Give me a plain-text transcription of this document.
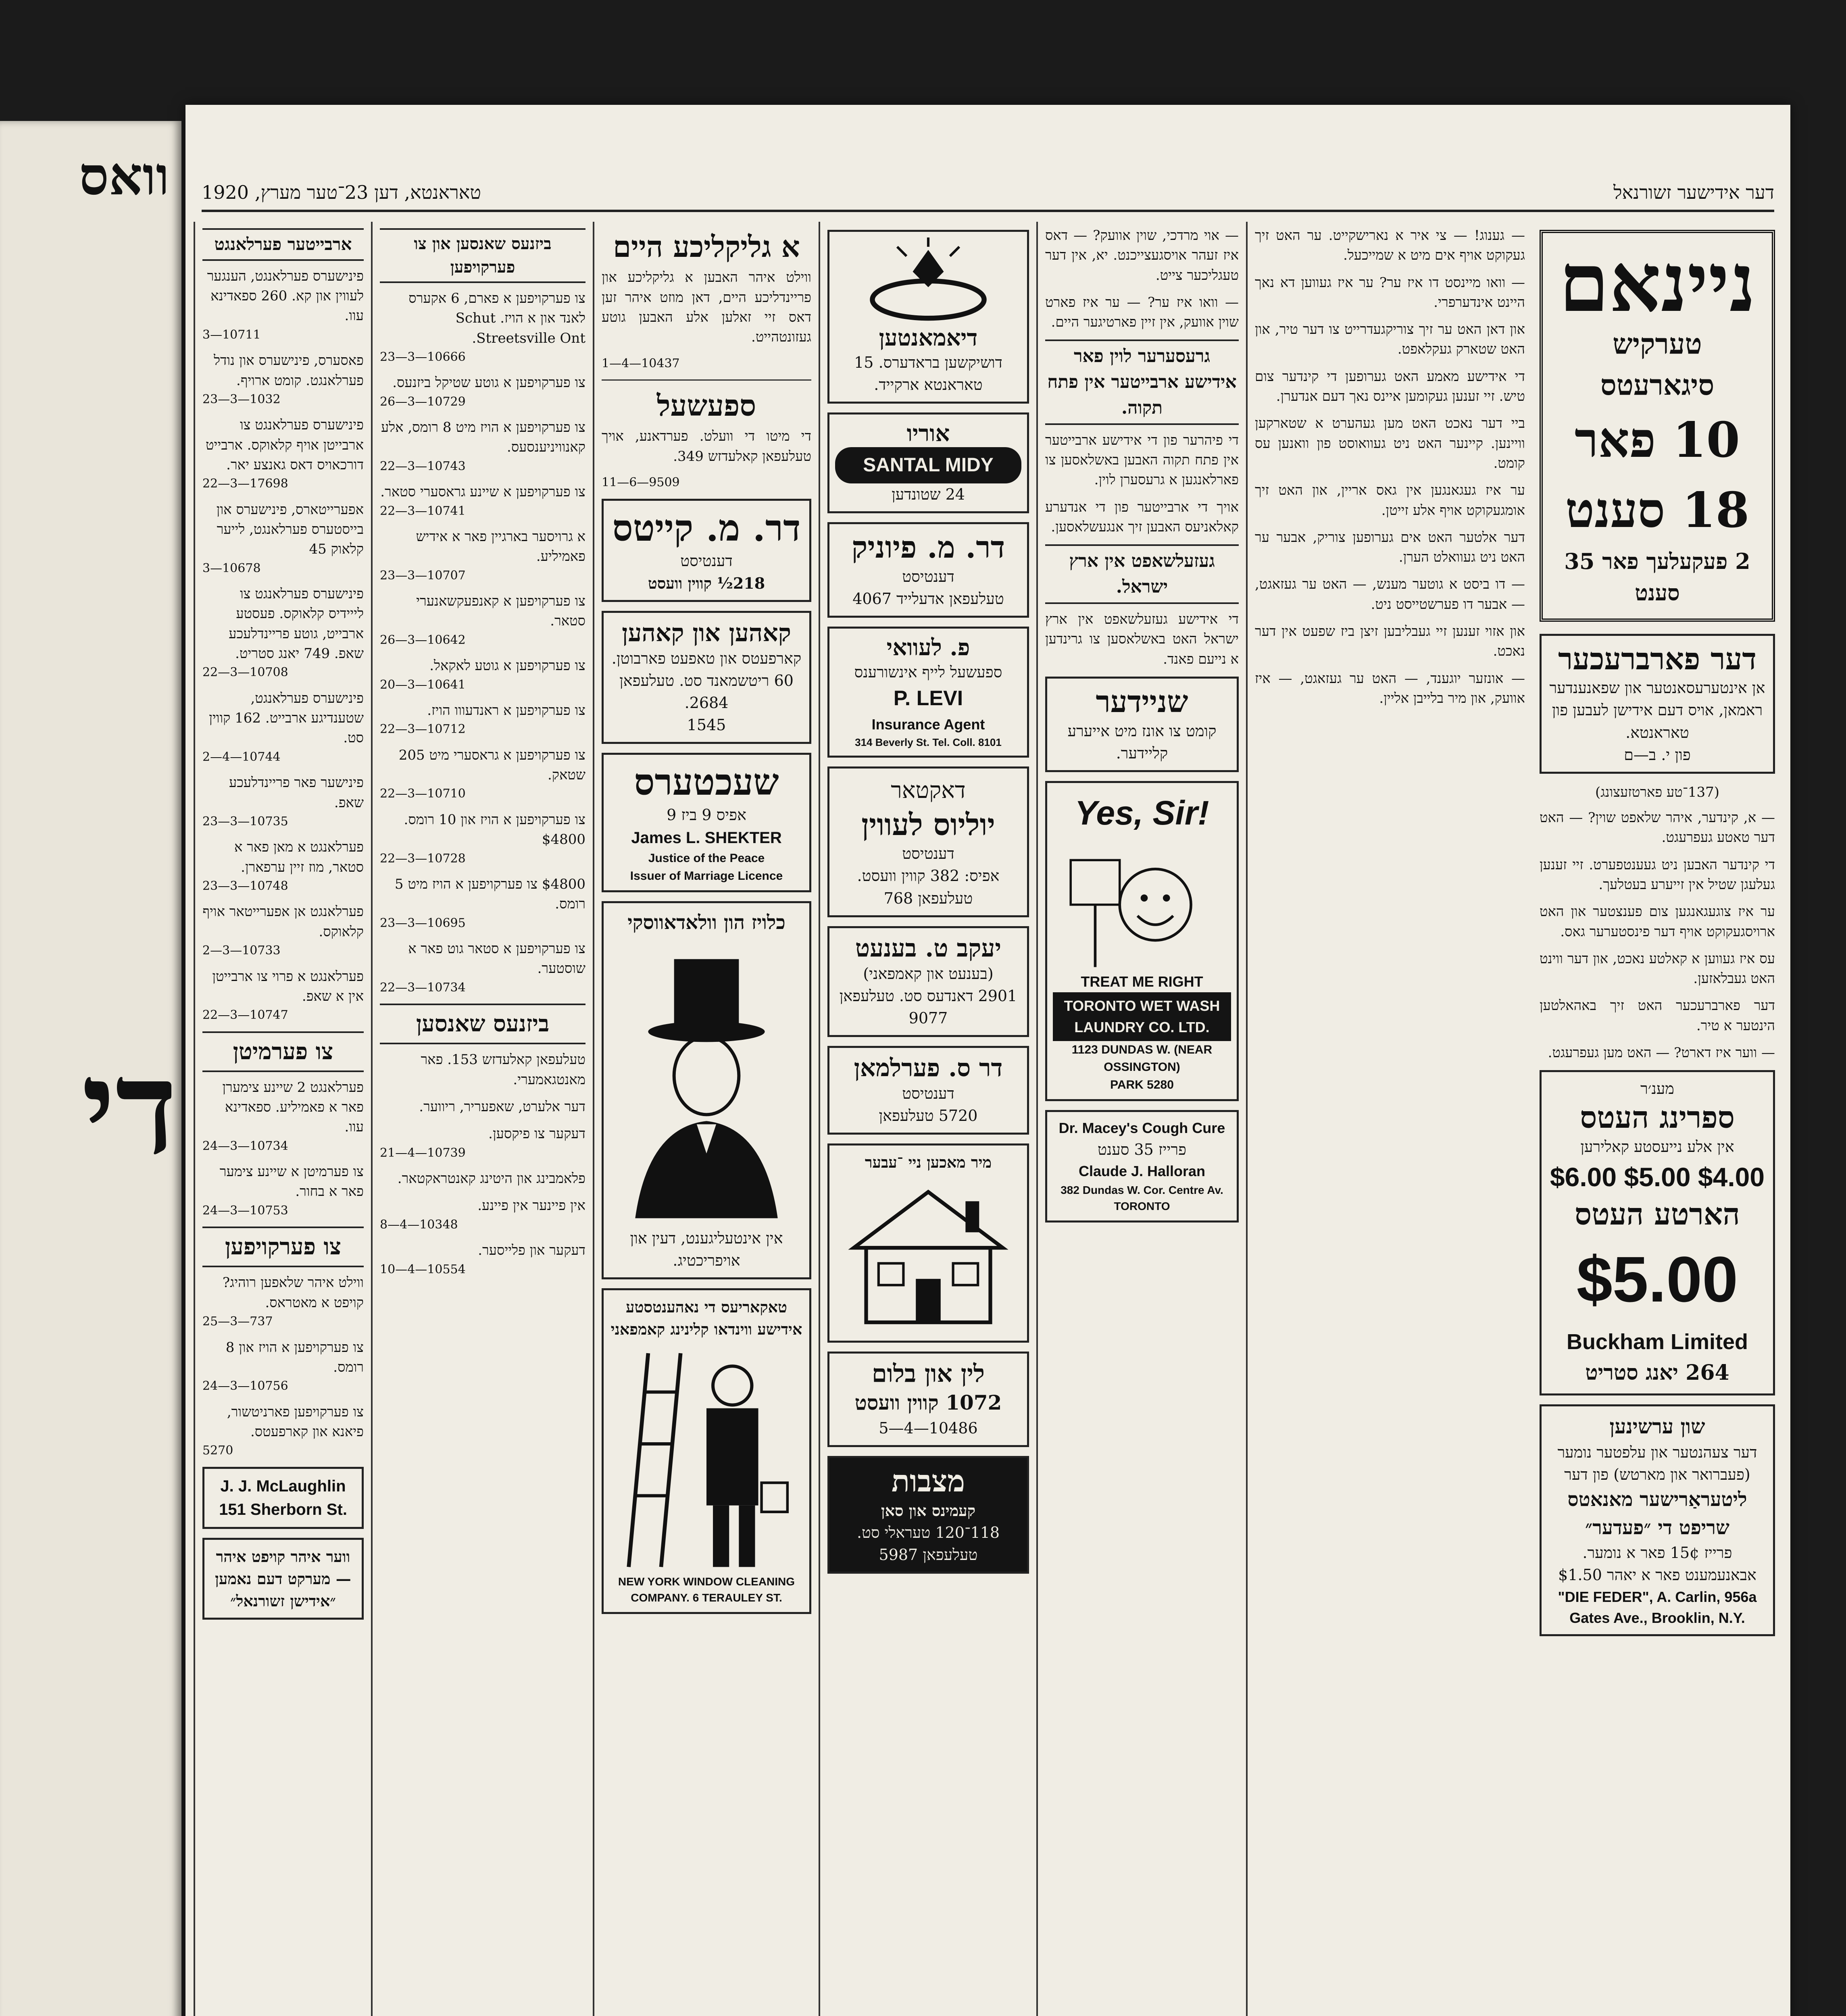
וואס
די
דער אידישער זשורנאל
טאראנטא, דען 23־טער מערץ, 1920
ניינאם
טערקיש סיגארעטס
10 פאר 18 סענט
2 פעקעלעך פאר 35 סענט
דער פארברעכער
אן אינטערעסאנטער און שפאנענדער ראמאן, אויס דעם אידישן לעבען פון טאראנטא.
פון י. ב—ם
(137־טע פארטזעצונג)

— א, קינדער, איהר שלאפט שוין? — האט דער טאטע געפרעגט.

די קינדער האבען ניט געענטפערט. זיי זענען געלעגן שטיל אין זייערע בעטלעך.

ער איז צוגעגאנגען צום פענצטער און האט ארויסגעקוקט אויף דער פינסטערער גאס.

עס איז געווען א קאלטע נאכט, און דער ווינט האט געבלאזען.

דער פארברעכער האט זיך באהאלטען הינטער א טיר.

— ווער איז דארט? — האט מען געפרעגט.

מענ׳ר
ספרינג העטס
אין אלע נייעסטע קאלירען
$6.00 $5.00 $4.00
הארטע העטס
$5.00
Buckham Limited
264 יאנג סטריט
שון ערשינען
דער צעהנטער און עלפטער נומער (פעברואר און מארטש) פון דער
ליטעראַרישער מאנאטס שריפט די ״פעדער״
פרייז 15¢ פאר א נומער. אבאנעמענט פאר א יאהר $1.50
"DIE FEDER", A. Carlin, 956a Gates Ave., Brooklin, N.Y.

— גענוג! — צי איר א נארישקייט. ער האט זיך געקוקט אויף אים מיט א שמייכעל.

— וואו מיינסט דו איז ער? ער איז געווען דא נאך היינט אינדערפרי.

און דאן האט ער זיך צוריקגעדרייט צו דער טיר, און האט שטארק געקלאפט.

די אידישע מאמע האט גערופען די קינדער צום טיש. זיי זענען געקומען איינס נאך דעם אנדערן.

ביי דער נאכט האט מען געהערט א שטארקען וויינען. קיינער האט ניט געוואוסט פון וואנען עס קומט.

ער איז געגאנגען אין גאס אריין, און האט זיך אומגעקוקט אויף אלע זייטן.

דער אלטער האט אים גערופען צוריק, אבער ער האט ניט געוואלט הערן.

— דו ביסט א גוטער מענש, — האט ער געזאגט, — אבער דו פערשטייסט ניט.

און אזוי זענען זיי געבליבען זיצן ביז שפעט אין דער נאכט.

— אונזער יוגענד, — האט ער געזאגט, — איז אוועק, און מיר בלייבן אליין.

— אוי מרדכי, שוין אוועק? — דאס איז זעהר אויסגעצייכנט. יא, אין דער טעגליכער צייט.

— וואו איז ער? — ער איז פארט שוין אוועק, אין זיין פארטיגער היים.

גרעסערער לוין פאר אידישע ארבייטער אין פתח תקוה.

די פיהרער פון די אידישע ארבייטער אין פתח תקוה האבען באשלאסען צו פארלאנגען א גרעסערן לוין.

אויך די ארבייטער פון די אנדערע קאלאניעס האבען זיך אנגעשלאסען.

געזעלשאפט אין ארץ ישראל.

די אידישע געזעלשאפט אין ארץ ישראל האט באשלאסען צו גרינדען א נייעם פאנד.

שניידער
קומט צו אונז מיט אייערע קליידער.
Yes, Sir!
TREAT ME RIGHT
TORONTO WET WASH LAUNDRY CO. LTD.
1123 DUNDAS W. (NEAR OSSINGTON)
PARK 5280
Dr. Macey's Cough Cure
פרייז 35 סענט
Claude J. Halloran
382 Dundas W. Cor. Centre Av. TORONTO
דיאמאנטען
דושיקשען בראדערס. 15 טאראנטא ארקייד.
אוריו
SANTAL MIDY
24 שטונדען
דר. מ. פיוניק
דענטיסט
טעלעפאן אדעלייד 4067
פ. לעוואי
ספעשעל לייף אינשורענס
P. LEVI
Insurance Agent
314 Beverly St. Tel. Coll. 8101
דאקטאר
יוליוס לעווין
דענטיסט
אפיס: 382 קווין וועסט. טעלעפאן 768
יעקב ט. בענעט
(בענעט און קאמפאני)
2901 דאנדעס סט. טעלעפאן 9077
דר ס. פערלמאן
דענטיסט
5720 טעלעפאן
מיר מאכען ניי ־עבער
לין און בלום
1072 קווין וועסט
10486—4—5
מצבות
קעמינס און סאן
118־120 טעראלי סט.
טעלעפאן 5987
א גליקליכע היים

ווילט איהר האבען א גליקליכע און פריינדליכע היים, דאן מוזט איהר זען דאס זיי זאלען אלע האבען גוטע געזונטהייט.

10437—4—1
ספעשעל

די מיטו די וועלט. פערדאנע, אויך טעלעפאן קאלעדזש 349.

9509—6—11
דר. מ. קייטס
דענטיסט
218½ קווין וועסט
קאהען און קאהען
קארפעטס און טאפעט פארבוטן. 60 ריטשמאנד סט. טעלעפאן 2684.
1545
שעכטערס
אפיס 9 ביז 9
James L. SHEKTER
Justice of the Peace
Issuer of Marriage Licence
כלויז הון וולאדאווסקי
אין אינטעליגענט, דעין און אויפריכטיג.
טאקאריעס די נאהענטסטע אידישע ווינדאו קלינינג קאמפאני
NEW YORK WINDOW CLEANING COMPANY. 6 TERAULEY ST.
ביזנעס שאנסען און צו פערקויפען
צו פערקויפען א פארם, 6 אקערס לאנד און א הויז. Schut Streetsville Ont.
10666—3—23
צו פערקויפען א גוטע שטיקל ביזנעס.
10729—3—26
צו פערקויפען א הויז מיט 8 רומס, אלע קאנוויניענסעס.
10743—3—22
צו פערקויפען א שיינע גראסערי סטאר.
10741—3—22
א גרויסער בארגיין פאר א אידיש פאמיליע.
10707—3—23
צו פערקויפען א קאנפעקשאנערי סטאר.
10642—3—26
צו פערקויפען א גוטע לאקאל.
10641—3—20
צו פערקויפען א ראנדעווו הויז.
10712—3—22
צו פערקויפען א גראסערי מיט 205 שטאק.
10710—3—22
צו פערקויפען א הויז און 10 רומס. $4800
10728—3—22
$4800 צו פערקויפען א הויז מיט 5 רומס.
10695—3—23
צו פערקויפען א סטאר גוט פאר א שוסטער.
10734—3—22
ביזנעס שאנסען
טעלעפאן קאלעדזש 153. פאר מאנטגאמערי.
דער אלערט, שאפעריר, ריווער.
דעקער צו פיקסען.
10739—4—21
פלאמבינג און היטינג קאנטראקטאר.
אין פיינער אין פיינע.
10348—4—8
דעקער און פלייסער.
10554—4—10
ארבייטער פערלאנגט
פינישערס פערלאנגט, הענגער לעווין און קא. 260 ספאדינא עוו.
10711—3
פאסערס, פינישערס און נודל פערלאנגט. קומט ארויף.
1032—3—23
פינישערס פערלאנגט צו ארבייטן אויף קלאוקס. ארבייט דורכאויס דאס גאנצע יאר.
17698—3—22
אפערייטארס, פינישערס און בייסטערס פערלאנגט, לייער קלאוק 45
10678—3
פינישערס פערלאנגט צו לייידיס קלאוקס. פעסטע ארבייט, גוטע פריינדלעכע שאפ. 749 יאנג סטריט.
10708—3—22
פינישערס פערלאנגט, שטענדיגע ארבייט. 162 קווין סט.
10744—4—2
פינישער פאר פריינדלעכע שאפ.
10735—3—23
פערלאנגט א מאן פאר א סטאר, מוז זיין ערפארן.
10748—3—23
פערלאנגט אן אפערייטאר אויף קלאוקס.
10733—3—2
פערלאנגט א פרוי צו ארבייטן אין א שאפ.
10747—3—22
צו פערמיטן
פערלאנגט 2 שיינע צימערן פאר א פאמיליע. ספאדינא עוו.
10734—3—24
צו פערמיטן א שיינע צימער פאר א בחור.
10753—3—24
צו פערקויפען
ווילט איהר שלאפען רוהיג? קויפט א מאטראס.
737—3—25
צו פערקויפען א הויז און 8 רומס.
10756—3—24
צו פערקויפען פארניטשור, פיאנא און קארפעטס.
5270
J. J. McLaughlin
151 Sherborn St.
ווער איהר קויפט איהר — מערקט דעם נאמען ״אידישן זשורנאל״
